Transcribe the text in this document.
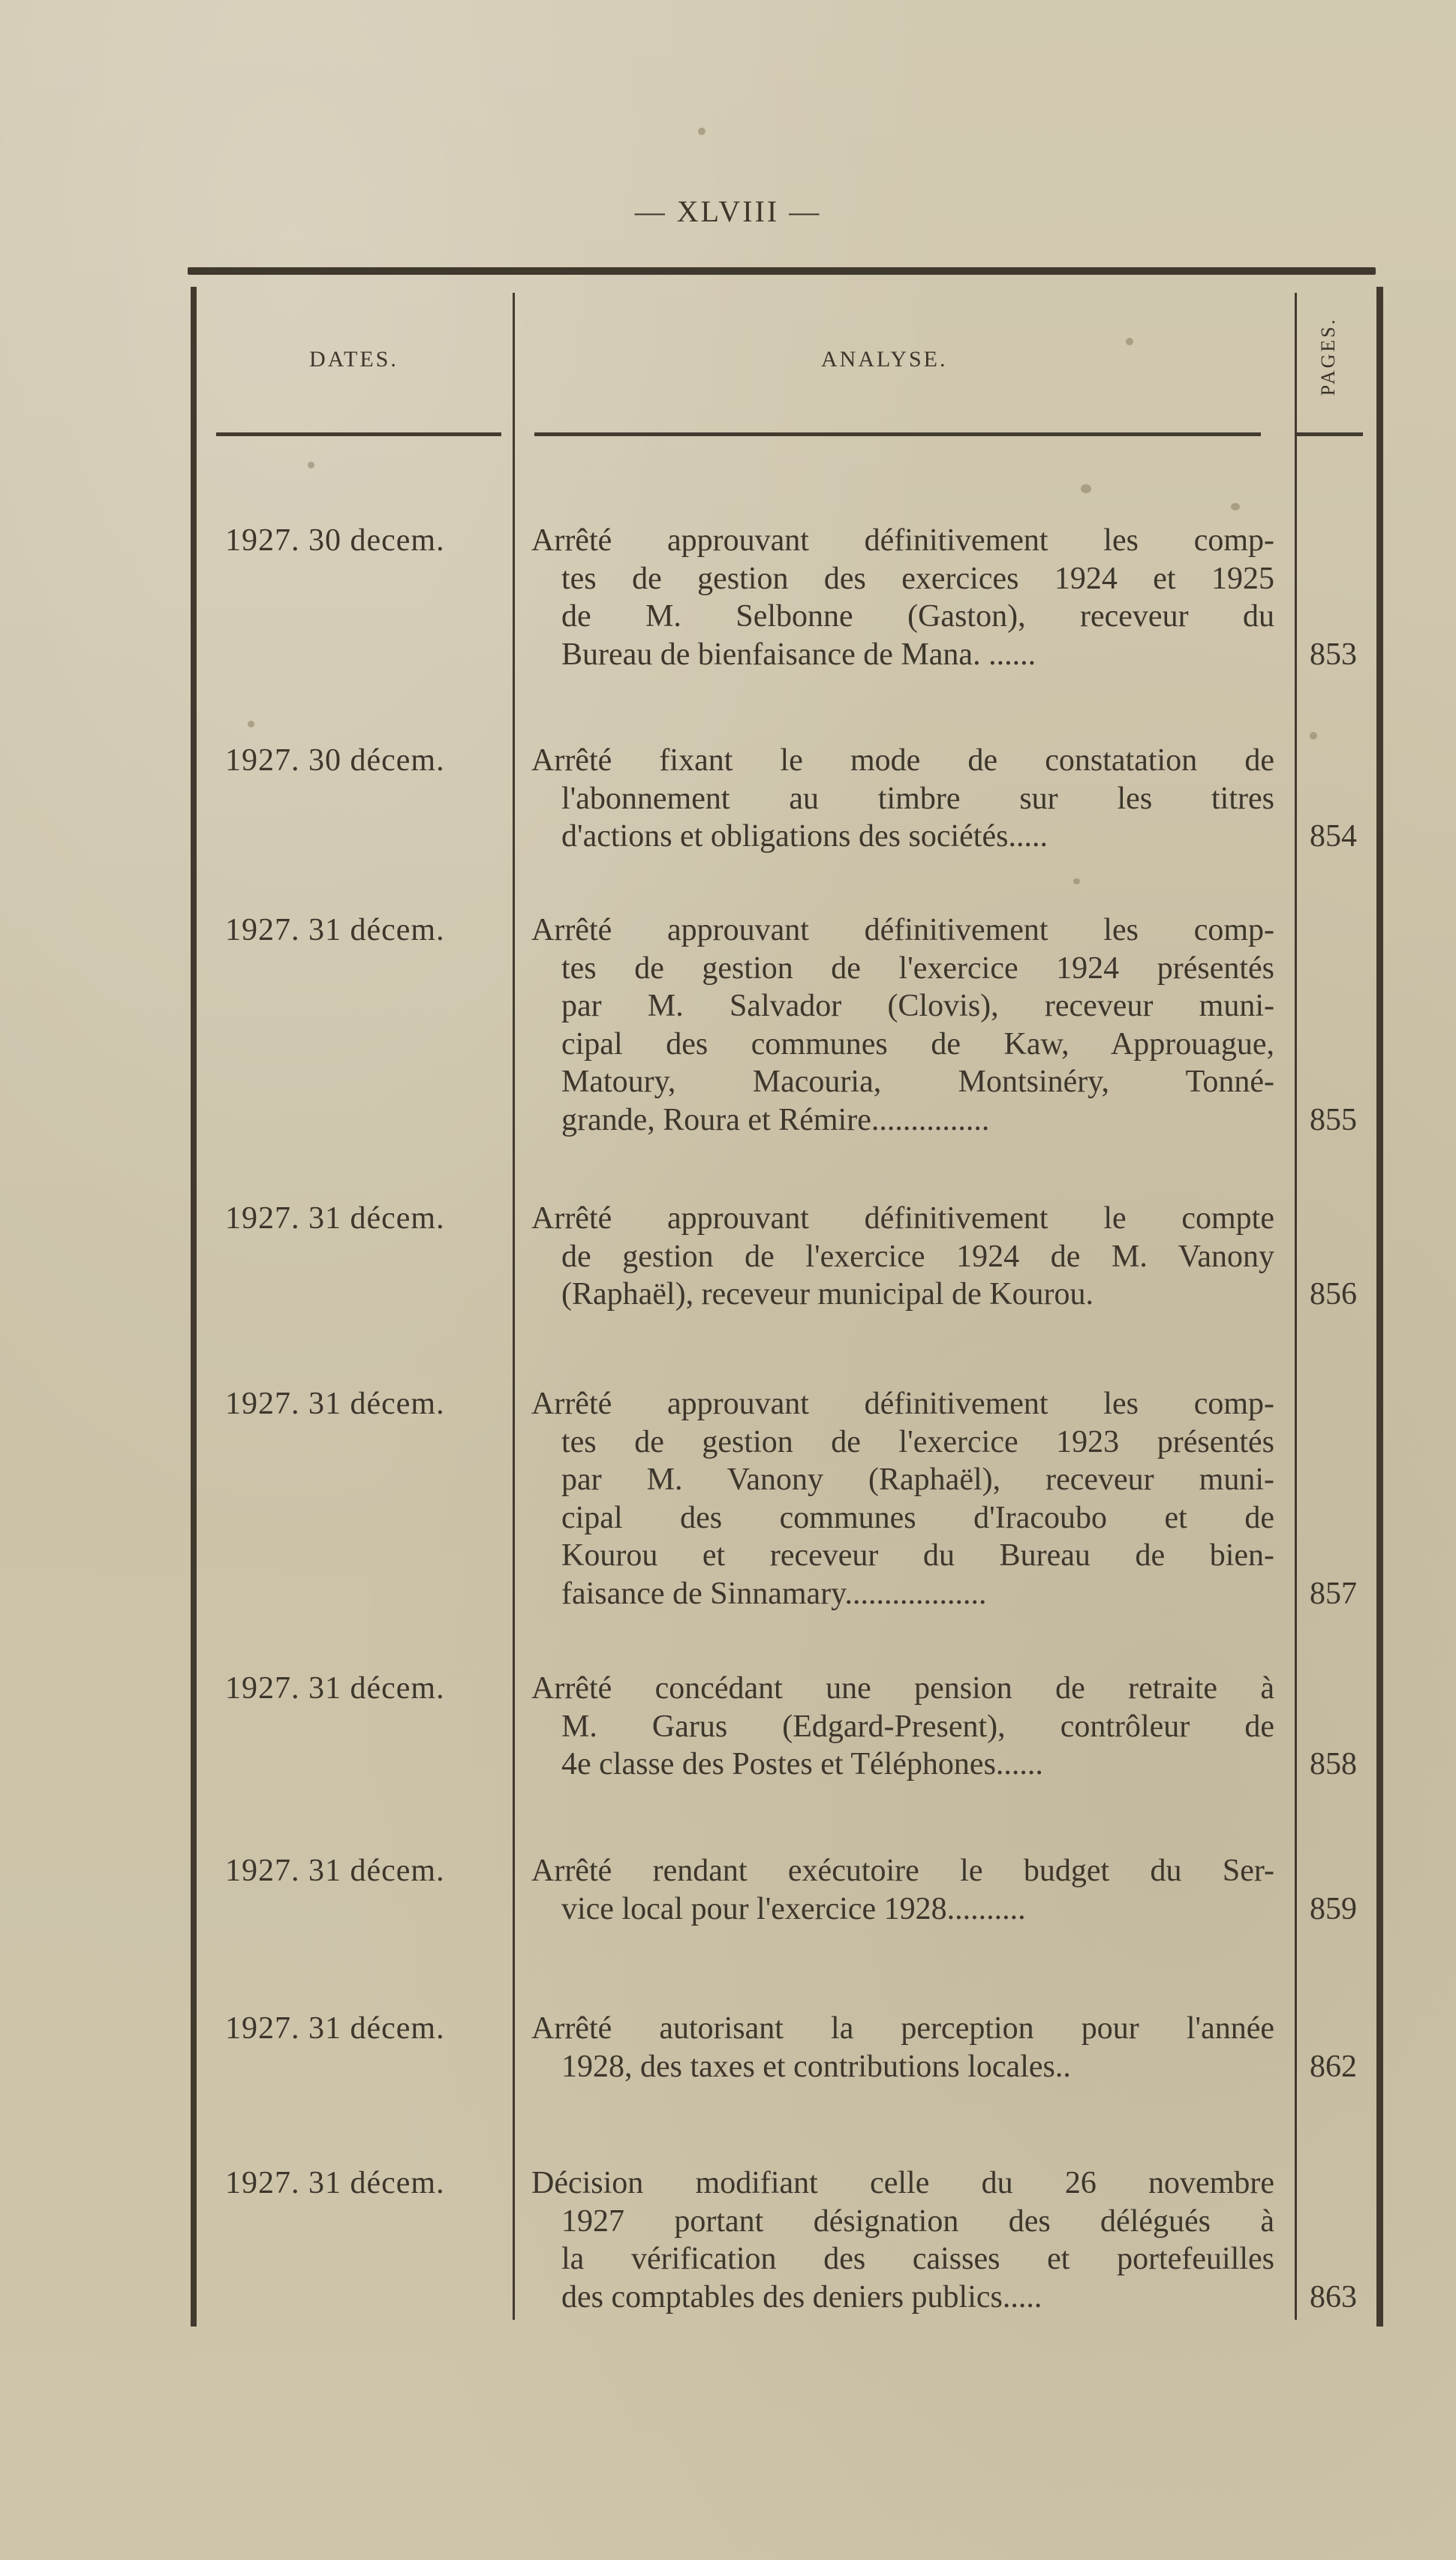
— XLVIII —
DATES.	ANALYSE.	PAGES.
1927. 30 decem.	Arrêté approuvant définitivement les comp-
tes de gestion des exercices 1924 et 1925
de M. Selbonne (Gaston), receveur du
Bureau de bienfaisance de Mana. ......	853
1927. 30 décem.	Arrêté fixant le mode de constatation de
l'abonnement au timbre sur les titres
d'actions et obligations des sociétés.....	854
1927. 31 décem.	Arrêté approuvant définitivement les comp-
tes de gestion de l'exercice 1924 présentés
par M. Salvador (Clovis), receveur muni-
cipal des communes de Kaw, Approuague,
Matoury, Macouria, Montsinéry, Tonné-
grande, Roura et Rémire...............	855
1927. 31 décem.	Arrêté approuvant définitivement le compte
de gestion de l'exercice 1924 de M. Vanony
(Raphaël), receveur municipal de Kourou.	856
1927. 31 décem.	Arrêté approuvant définitivement les comp-
tes de gestion de l'exercice 1923 présentés
par M. Vanony (Raphaël), receveur muni-
cipal des communes d'Iracoubo et de
Kourou et receveur du Bureau de bien-
faisance de Sinnamary..................	857
1927. 31 décem.	Arrêté concédant une pension de retraite à
M. Garus (Edgard-Present), contrôleur de
4e classe des Postes et Téléphones......	858
1927. 31 décem.	Arrêté rendant exécutoire le budget du Ser-
vice local pour l'exercice 1928..........	859
1927. 31 décem.	Arrêté autorisant la perception pour l'année
1928, des taxes et contributions locales..	862
1927. 31 décem.	Décision modifiant celle du 26 novembre
1927 portant désignation des délégués à
la vérification des caisses et portefeuilles
des comptables des deniers publics.....	863
